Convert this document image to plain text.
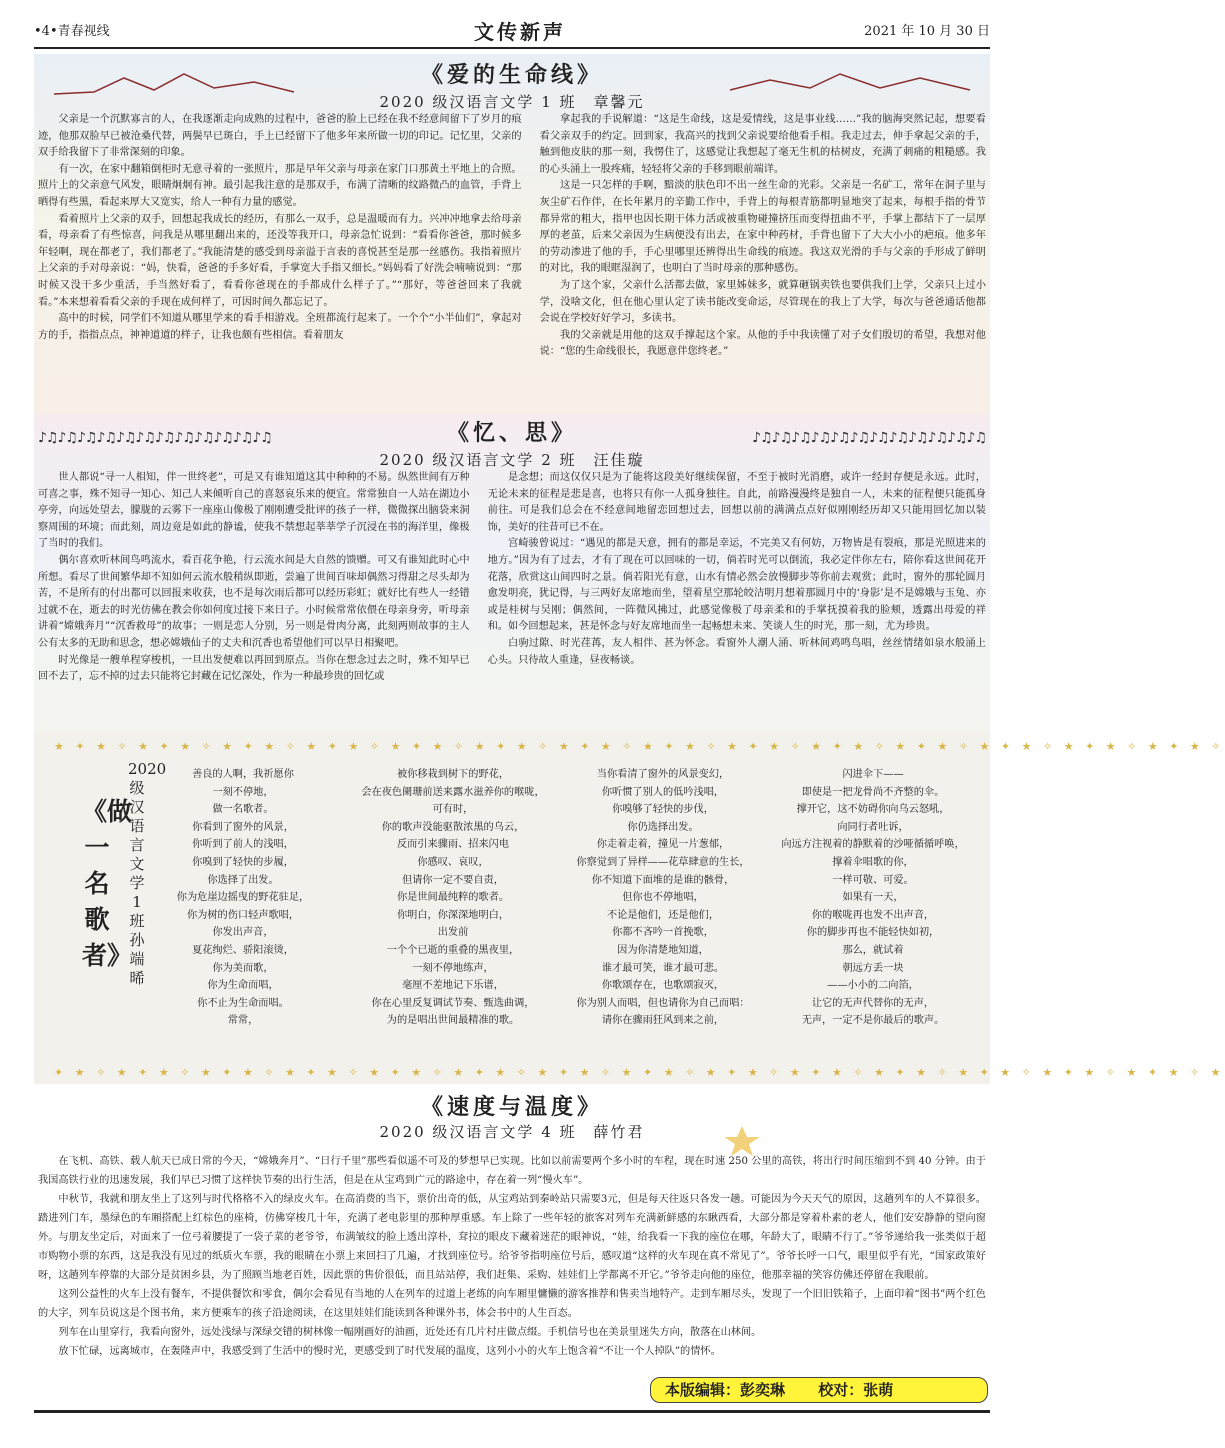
•4•青春视线	文传新声	2021 年 10 月 30 日
《爱的生命线》
2020 级汉语言文学 1 班　章馨元

父亲是一个沉默寡言的人，在我逐渐走向成熟的过程中，爸爸的脸上已经在我不经意间留下了岁月的痕迹，他那双脸早已被沧桑代替，两鬓早已斑白，手上已经留下了他多年来所做一切的印记。记忆里，父亲的双手给我留下了非常深刻的印象。

有一次，在家中翻箱倒柜时无意寻着的一张照片，那是早年父亲与母亲在家门口那黄土平地上的合照。照片上的父亲意气风发，眼睛炯炯有神。最引起我注意的是那双手，布满了清晰的纹路微凸的血管，手背上晒得有些黑，看起来厚大又宽实，给人一种有力量的感觉。

看着照片上父亲的双手，回想起我成长的经历，有那么一双手，总是温暖而有力。兴冲冲地拿去给母亲看，母亲看了有些惊喜，问我是从哪里翻出来的，还没等我开口，母亲急忙说到：“看看你爸爸，那时候多年轻啊，现在都老了，我们都老了。”我能清楚的感受到母亲溢于言表的喜悦甚至是那一丝感伤。我指着照片上父亲的手对母亲说：“妈，快看，爸爸的手多好看，手掌宽大手指又细长。”妈妈看了好洗会喃喃说到：“那时候又没干多少重活，手当然好看了，看看你爸现在的手都成什么样子了。”“那好，等爸爸回来了我就看。”本来想着看看父亲的手现在成何样了，可因时间久都忘记了。

高中的时候，同学们不知道从哪里学来的看手相游戏。全班都流行起来了。一个个“小半仙们”，拿起对方的手，指指点点，神神道道的样子，让我也颇有些相信。看着朋友

拿起我的手说解道：“这是生命线，这是爱情线，这是事业线……”我的脑海突然记起，想要看看父亲双手的约定。回到家，我高兴的找到父亲说要给他看手相。我走过去，伸手拿起父亲的手，触到他皮肤的那一刻，我愣住了，这感觉让我想起了毫无生机的枯树皮，充满了刺痛的粗糙感。我的心头涌上一股疼痛，轻轻将父亲的手移到眼前端详。

这是一只怎样的手啊，黯淡的肤色印不出一丝生命的光彩。父亲是一名矿工，常年在洞子里与灰尘矿石作伴，在长年累月的辛勤工作中，手背上的每根青筋都明显地突了起来，每根手指的骨节都异常的粗大，指甲也因长期干体力活或被重物碰撞挤压而变得扭曲不平，手掌上都结下了一层厚厚的老茧，后来父亲因为生病便没有出去，在家中种药材，手背也留下了大大小小的疤痕。他多年的劳动渗进了他的手，手心里哪里还辨得出生命线的痕迹。我这双光滑的手与父亲的手形成了鲜明的对比，我的眼眶湿润了，也明白了当时母亲的那种感伤。

为了这个家，父亲什么活都去做，家里姊妹多，就算砸锅卖铁也要供我们上学，父亲只上过小学，没啥文化，但在他心里认定了读书能改变命运，尽管现在的我上了大学，每次与爸爸通话他都会说在学校好好学习，多读书。

我的父亲就是用他的这双手撑起这个家。从他的手中我读懂了对子女们殷切的希望，我想对他说：“您的生命线很长，我愿意伴您终老。”

♪♫♪♫♪♫♪♫♪♫♪♫♪♫♪♫♪♫♪♫♪♫♪♫	♪♫♪♫♪♫♪♫♪♫♪♫♪♫♪♫♪♫♪♫♪♫♪♫
《忆、思》
2020 级汉语言文学 2 班　汪佳璇

世人都说“寻一人相知，伴一世终老”，可是又有谁知道这其中种种的不易。纵然世间有万种可喜之事，殊不知寻一知心、知己人来倾听自己的喜怒哀乐来的便宜。常常独自一人站在湖边小亭旁，向远处望去，朦胧的云雾下一座座山像极了刚刚遭受批评的孩子一样，微微探出脑袋来洞察周围的环境；而此刻，周边竟是如此的静谧，使我不禁想起莘莘学子沉浸在书的海洋里，像极了当时的我们。

偶尔喜欢听林间鸟鸣流水，看百花争艳，行云流水间是大自然的馈赠。可又有谁知此时心中所想。看尽了世间繁华却不知如何云流水般稍纵即逝，尝遍了世间百味却偶然习得甜之尽头却为苦，不是所有的付出都可以回报来收获，也不是每次雨后都可以经历彩虹；就好比有些人一经错过就不在，逝去的时光仿佛在教会你如何度过接下来日子。小时候常常依偎在母亲身旁，听母亲讲着“嫦娥奔月”“沉香救母”的故事；一则是恋人分别，另一则是骨肉分离，此刻两则故事的主人公有太多的无助和思念，想必嫦娥仙子的丈夫和沉香也希望他们可以早日相聚吧。

时光像是一艘单程穿梭机，一旦出发便难以再回到原点。当你在想念过去之时，殊不知早已回不去了，忘不掉的过去只能将它封藏在记忆深处，作为一种最珍贵的回忆或

是念想；而这仅仅只是为了能将这段美好继续保留，不至于被时光消磨，或许一经封存便是永远。此时，无论未来的征程是悲是喜，也将只有你一人孤身独往。自此，前路漫漫终是独自一人，未来的征程便只能孤身前往。可是我们总会在不经意间地留恋回想过去，回想以前的满满点点好似刚刚经历却又只能用回忆加以装饰，美好的往昔可已不在。

宫崎骏曾说过：“遇见的都是天意，拥有的都是幸运，不完美又有何妨，万物皆是有裂痕，那是光照进来的地方。”因为有了过去，才有了现在可以回味的一切，倘若时光可以倒流，我必定伴你左右，陪你看这世间花开花落，欣赏这山间四时之景。倘若阳光有意，山水有情必然会放慢脚步等你前去观赏；此时，窗外的那轮圆月愈发明亮，犹记得，与三两好友席地而坐，望着星空那轮皎洁明月想着那圆月中的‘身影’是不是嫦娥与玉兔、亦或是桂树与吴刚；偶然间，一阵微风拂过，此感觉像极了母亲柔和的手掌抚摸着我的脸颊，透露出母爱的祥和。如今回想起来，甚是怀念与好友席地而坐一起畅想未来、笑谈人生的时光，那一刻，尤为珍贵。

白驹过隙、时光荏苒，友人相伴、甚为怀念。看窗外人潮人涌、听林间鸡鸣鸟唱，丝丝情绪如泉水般涌上心头。只待故人重逢，昼夜畅谈。

★ ✦ ★ ✧ ★ ✦ ★ ✧ ★ ✦ ★ ✧ ★ ✦ ★ ✧ ★ ✦ ★ ✧ ★ ✦ ★ ✧ ★ ✦ ★ ✧ ★ ✦ ★ ✧ ★ ✦ ★ ✧ ★ ✦ ★ ✧ ★ ✦ ★ ✧ ★ ✦ ★ ✧ ★ ✦ ★ ✧ ★ ✦ ★ ✧
✦ ★ ✧ ★ ✦ ★ ✧ ★ ✦ ★ ✧ ★ ✦ ★ ✧ ★ ✦ ★ ✧ ★ ✦ ★ ✧ ★ ✦ ★ ✧ ★ ✦ ★ ✧ ★ ✦ ★ ✧ ★ ✦ ★ ✧ ★ ✦ ★ ✧ ★ ✦ ★ ✧ ★ ✦ ★ ✧ ★ ✦ ★ ✧ ★
《做一名歌者》
2020 级汉语言文学 1 班　孙端晞
善良的人啊，我祈愿你
一刻不停地，
做一名歌者。
你看到了窗外的风景，
你听到了前人的浅唱，
你嗅到了轻快的步履，
你选择了出发。
你为危崖边摇曳的野花驻足，
你为树的伤口轻声歌唱，
你发出声音，
夏花绚烂、骄阳滚烫，
你为美而歌，
你为生命而唱，
你不止为生命而唱。
常常，
被你移栽到树下的野花，
会在夜色阑珊前送来露水滋养你的喉咙，
可有时，
你的歌声没能驱散浓黑的乌云，
反而引来骤雨、招来闪电
你感叹、哀叹，
但请你一定不要自责，
你是世间最纯粹的歌者。
你明白，你深深地明白，
出发前
一个个已逝的重叠的黑夜里，
一刻不停地练声，
毫厘不差地记下乐谱，
你在心里反复调试节奏、甄选曲调，
为的是唱出世间最精准的歌。
当你看清了窗外的风景变幻，
你听惯了别人的低吟浅唱，
你嗅够了轻快的步伐，
你仍选择出发。
你走着走着，撞见一片葱郁，
你察觉到了异样——花草肆意的生长，
你不知道下面堆的是谁的骸骨，
但你也不停地唱，
不论是他们，还是他们，
你都不吝吟一首挽歌，
因为你清楚地知道，
谁才最可笑，谁才最可悲。
你歌颂存在，也歌颂寂灭，
你为别人而唱，但也请你为自己而唱：
请你在骤雨狂风到来之前，
闪进伞下——
即使是一把龙骨尚不齐整的伞。
撑开它，这不妨碍你向乌云怒吼，
向同行者吐诉，
向远方注视着的静默着的沙哑循循呼唤，
撑着伞唱歌的你，
一样可敬、可爱。
如果有一天，
你的喉咙再也发不出声音，
你的脚步再也不能轻快如初，
那么，就试着
朝远方丢一块
——小小的二向箔，
让它的无声代替你的无声，
无声，一定不是你最后的歌声。
《速度与温度》
2020 级汉语言文学 4 班　薛竹君

在飞机、高铁、载人航天已成日常的今天，“嫦娥奔月”、“日行千里”那些看似遥不可及的梦想早已实现。比如以前需要两个多小时的车程，现在时速 250 公里的高铁，将出行时间压缩到不到 40 分钟。由于我国高铁行业的迅速发展，我们早已习惯了这样快节奏的出行生活，但是在从宝鸡到广元的路途中，存在着一列“慢火车”。

中秋节，我就和朋友坐上了这列与时代格格不入的绿皮火车。在高消费的当下，票价出奇的低，从宝鸡站到秦岭站只需要3元，但是每天往返只各发一趟。可能因为今天天气的原因，这趟列车的人不算很多。踏进列门车，墨绿色的车厢搭配上红棕色的座椅，仿佛穿梭几十年，充满了老电影里的那种厚重感。车上除了一些年轻的旅客对列车充满新鲜感的东瞅西看，大部分都是穿着朴素的老人，他们安安静静的望向窗外。与朋友坐定后，对面来了一位弓着腰提了一袋子菜的老爷爷，布满皱纹的脸上透出淳朴，耷拉的眼皮下藏着迷茫的眼神说，“娃，给我看一下我的座位在哪，年龄大了，眼睛不行了。”爷爷递给我一张类似于超市购物小票的东西，这是我没有见过的纸质火车票，我的眼睛在小票上来回扫了几遍，才找到座位号。给爷爷指明座位号后，感叹道“这样的火车现在真不常见了”。爷爷长呼一口气，眼里似乎有光，“国家政策好呀，这趟列车停靠的大部分是贫困乡县，为了照顾当地老百姓，因此票的售价很低，而且站站停，我们赶集、采购、娃娃们上学都离不开它。”爷爷走向他的座位，他那幸福的笑容仿佛还停留在我眼前。

这列公益性的火车上没有餐车，不提供餐饮和零食，偶尔会看见有当地的人在列车的过道上老练的向车厢里慵懒的游客推荐和售卖当地特产。走到车厢尽头，发现了一个旧旧铁箱子，上面印着“图书”两个红色的大字，列车员说这是个图书角，来方便乘车的孩子沿途阅读，在这里娃娃们能读到各种课外书，体会书中的人生百态。

列车在山里穿行，我看向窗外，远处浅绿与深绿交错的树林像一幅刚画好的油画，近处还有几片村庄做点缀。手机信号也在美景里迷失方向，散落在山林间。

放下忙碌，远离城市，在轰隆声中，我感受到了生活中的慢时光，更感受到了时代发展的温度，这列小小的火车上饱含着“不让一个人掉队”的情怀。

本版编辑：彭奕琳 校对：张萌
